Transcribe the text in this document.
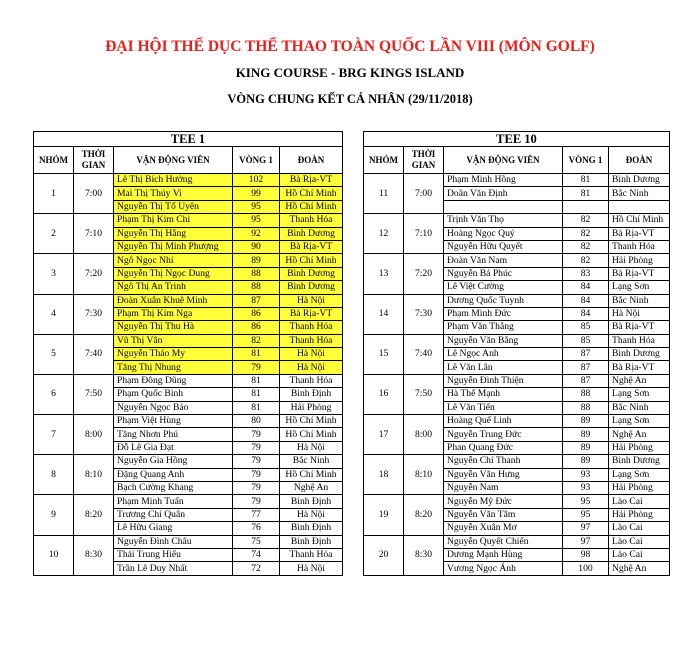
ĐẠI HỘI THỂ DỤC THỂ THAO TOÀN QUỐC LẦN VIII (MÔN GOLF)
KING COURSE - BRG KINGS ISLAND
VÒNG CHUNG KẾT CÁ NHÂN (29/11/2018)
TEE 1				
NHÓM	THỜI GIAN	VẬN ĐỘNG VIÊN	VÒNG 1	ĐOÀN
1	7:00	Lê Thị Bích Hường	102	Bà Rịa-VT
		Mai Thị Thúy Vi	99	Hồ Chí Minh
		Nguyễn Thị Tố Uyên	95	Hồ Chí Minh
2	7:10	Phạm Thị Kim Chi	95	Thanh Hóa
		Nguyễn Thị Hằng	92	Bình Dương
		Nguyễn Thị Minh Phượng	90	Bà Rịa-VT
3	7:20	Ngô Ngọc Nhi	89	Hồ Chí Minh
		Nguyễn Thị Ngọc Dung	88	Bình Dương
		Ngô Thị An Trinh	88	Bình Dương
4	7:30	Đoàn Xuân Khuê Minh	87	Hà Nội
		Phạm Thị Kim Nga	86	Bà Rịa-VT
		Nguyễn Thị Thu Hà	86	Thanh Hóa
5	7:40	Vũ Thị Vân	82	Thanh Hóa
		Nguyễn Thảo My	81	Hà Nội
		Tăng Thị Nhung	79	Hà Nội
6	7:50	Phạm Đông Dũng	81	Thanh Hóa
		Phạm Quốc Bình	81	Bình Định
		Nguyễn Ngọc Bảo	81	Hải Phòng
7	8:00	Phạm Việt Hùng	80	Hồ Chí Minh
		Tăng Nhơn Phú	79	Hồ Chí Minh
		Đỗ Lê Gia Đạt	79	Hà Nội
8	8:10	Nguyễn Gia Hồng	79	Bắc Ninh
		Đặng Quang Anh	79	Hồ Chí Minh
		Bạch Cường Khang	79	Nghệ An
9	8:20	Phạm Minh Tuấn	79	Bình Định
		Trương Chí Quân	77	Hà Nội
		Lê Hữu Giang	76	Bình Định
10	8:30	Nguyễn Đình Châu	75	Bình Định
		Thái Trung Hiếu	74	Thanh Hóa
		Trần Lê Duy Nhất	72	Hà Nội
TEE 10				
NHÓM	THỜI GIAN	VẬN ĐỘNG VIÊN	VÒNG 1	ĐOÀN
11	7:00	Phạm Minh Hồng	81	Bình Dương
		Doãn Văn Định	81	Bắc Ninh

12	7:10	Trịnh Văn Thọ	82	Hồ Chí Minh
		Hoàng Ngọc Quý	82	Bà Rịa-VT
		Nguyễn Hữu Quyết	82	Thanh Hóa
13	7:20	Đoàn Văn Nam	82	Hải Phòng
		Nguyễn Bá Phúc	83	Bà Rịa-VT
		Lê Việt Cường	84	Lạng Sơn
14	7:30	Dương Quốc Tuynh	84	Bắc Ninh
		Phạm Minh Đức	84	Hà Nội
		Phạm Văn Thắng	85	Bà Rịa-VT
15	7:40	Nguyễn Văn Bằng	85	Thanh Hóa
		Lê Ngọc Anh	87	Bình Dương
		Lê Văn Lân	87	Bà Rịa-VT
16	7:50	Nguyễn Đình Thiện	87	Nghệ An
		Hà Thế Mạnh	88	Lạng Sơn
		Lê Văn Tiến	88	Bắc Ninh
17	8:00	Hoàng Quế Linh	89	Lạng Sơn
		Nguyễn Trung Đức	89	Nghệ An
		Phan Quang Đức	89	Hải Phòng
18	8:10	Nguyễn Chí Thanh	89	Bình Dương
		Nguyễn Văn Hưng	93	Lạng Sơn
		Nguyễn Nam	93	Hải Phòng
19	8:20	Nguyễn Mỹ Đức	95	Lào Cai
		Nguyễn Văn Tâm	95	Hải Phòng
		Nguyễn Xuân Mơ	97	Lào Cai
20	8:30	Nguyễn Quyết Chiến	97	Lào Cai
		Dương Mạnh Hùng	98	Lào Cai
		Vương Ngọc Ánh	100	Nghệ An
